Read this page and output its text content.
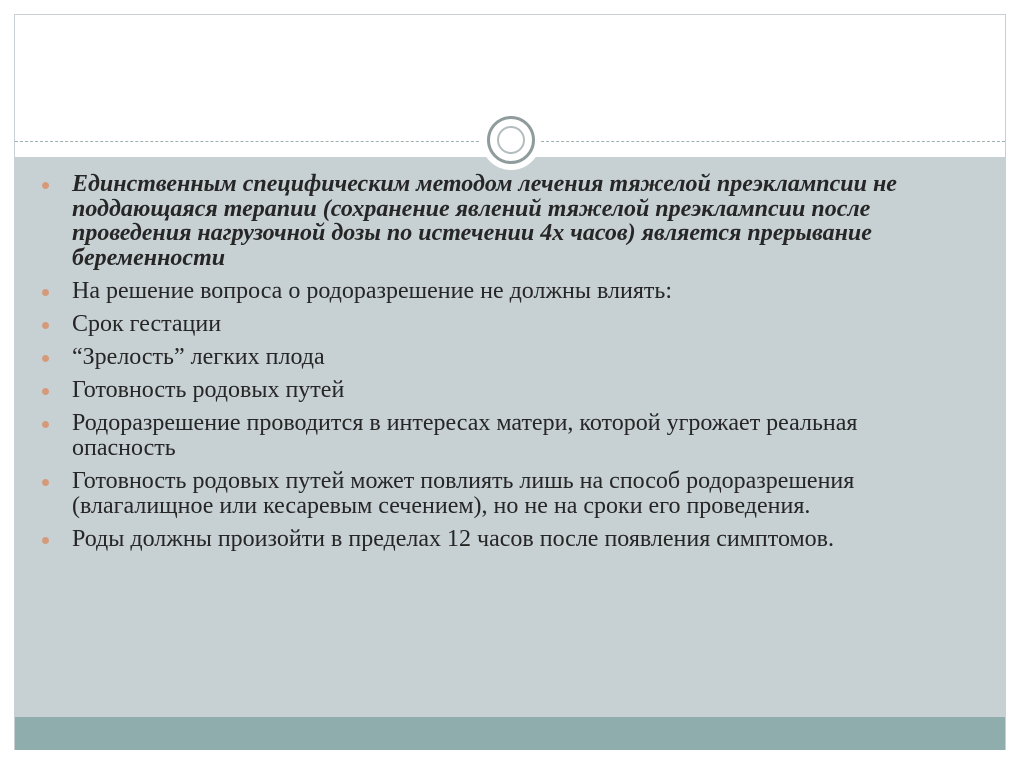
Единственным специфическим методом лечения тяжелой преэклампсии не поддающаяся терапии (сохранение явлений тяжелой преэклампсии после проведения нагрузочной дозы по истечении 4х часов) является прерывание беременности
На решение вопроса о родоразрешение не должны влиять:
Срок гестации
“Зрелость” легких плода
Готовность родовых путей
Родоразрешение проводится в интересах матери, которой угрожает реальная опасность
Готовность родовых путей может повлиять лишь на способ родоразрешения (влагалищное или кесаревым сечением), но не на сроки его проведения.
Роды должны произойти в пределах 12 часов после появления симптомов.
